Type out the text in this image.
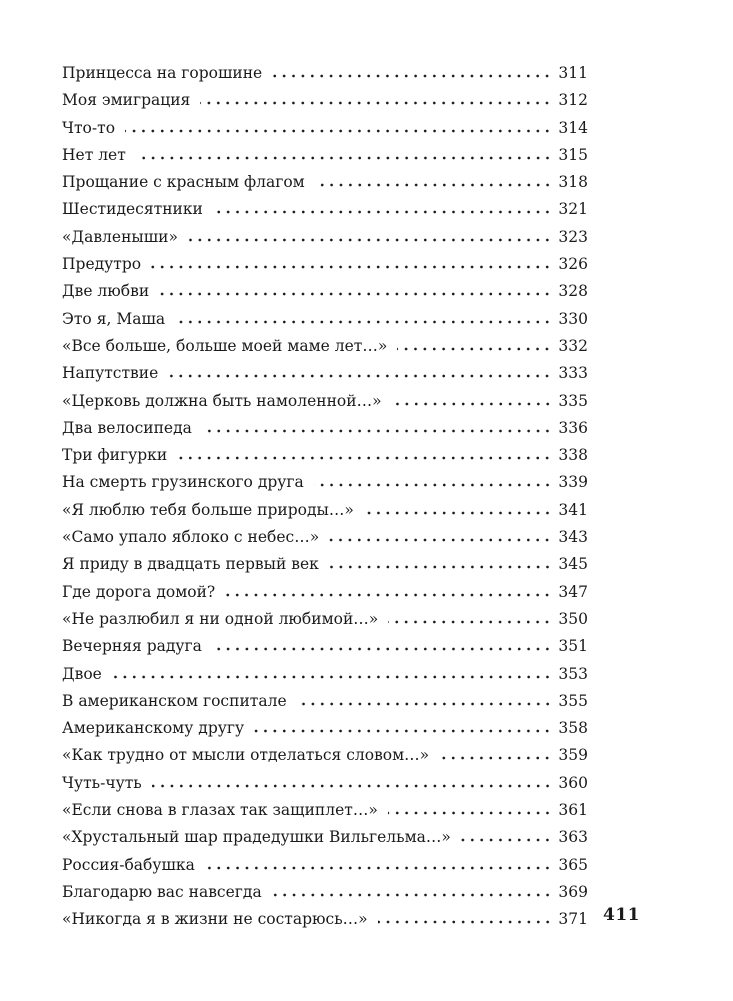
Принцесса на горошине	311
Моя эмиграция	312
Что-то	314
Нет лет	315
Прощание с красным флагом	318
Шестидесятники	321
«Давленыши»	323
Предутро	326
Две любви	328
Это я, Маша	330
«Все больше, больше моей маме лет…»	332
Напутствие	333
«Церковь должна быть намоленной…»	335
Два велосипеда	336
Три фигурки	338
На смерть грузинского друга	339
«Я люблю тебя больше природы…»	341
«Само упало яблоко с небес…»	343
Я приду в двадцать первый век	345
Где дорога домой?	347
«Не разлюбил я ни одной любимой…»	350
Вечерняя радуга	351
Двое	353
В американском госпитале	355
Американскому другу	358
«Как трудно от мысли отделаться словом…»	359
Чуть-чуть	360
«Если снова в глазах так защиплет…»	361
«Хрустальный шар прадедушки Вильгельма…»	363
Россия-бабушка	365
Благодарю вас навсегда	369
«Никогда я в жизни не состарюсь…»	371 411
